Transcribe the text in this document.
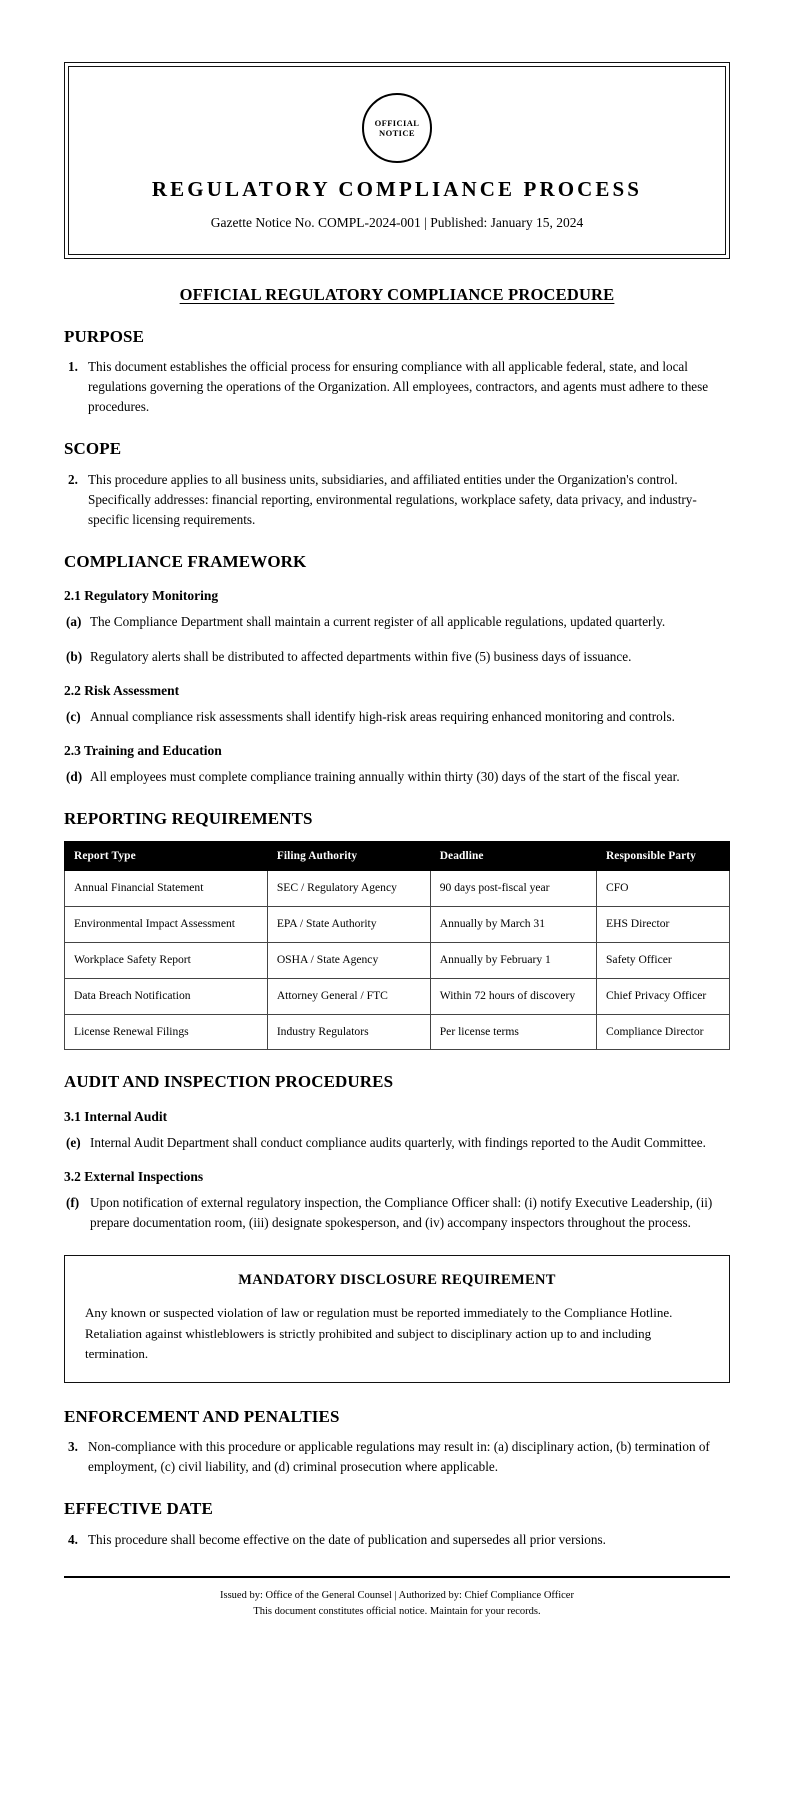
OFFICIAL
NOTICE
REGULATORY COMPLIANCE PROCESS
Gazette Notice No. COMPL-2024-001 | Published: January 15, 2024
OFFICIAL REGULATORY COMPLIANCE PROCEDURE
PURPOSE
1. This document establishes the official process for ensuring compliance with all applicable federal, state, and local regulations governing the operations of the Organization. All employees, contractors, and agents must adhere to these procedures.
SCOPE
2. This procedure applies to all business units, subsidiaries, and affiliated entities under the Organization's control. Specifically addresses: financial reporting, environmental regulations, workplace safety, data privacy, and industry-specific licensing requirements.
COMPLIANCE FRAMEWORK
2.1 Regulatory Monitoring
(a) The Compliance Department shall maintain a current register of all applicable regulations, updated quarterly.
(b) Regulatory alerts shall be distributed to affected departments within five (5) business days of issuance.
2.2 Risk Assessment
(c) Annual compliance risk assessments shall identify high-risk areas requiring enhanced monitoring and controls.
2.3 Training and Education
(d) All employees must complete compliance training annually within thirty (30) days of the start of the fiscal year.
REPORTING REQUIREMENTS
Report Type	Filing Authority	Deadline	Responsible Party
Annual Financial Statement	SEC / Regulatory Agency	90 days post-fiscal year	CFO
Environmental Impact Assessment	EPA / State Authority	Annually by March 31	EHS Director
Workplace Safety Report	OSHA / State Agency	Annually by February 1	Safety Officer
Data Breach Notification	Attorney General / FTC	Within 72 hours of discovery	Chief Privacy Officer
License Renewal Filings	Industry Regulators	Per license terms	Compliance Director
AUDIT AND INSPECTION PROCEDURES
3.1 Internal Audit
(e) Internal Audit Department shall conduct compliance audits quarterly, with findings reported to the Audit Committee.
3.2 External Inspections
(f) Upon notification of external regulatory inspection, the Compliance Officer shall: (i) notify Executive Leadership, (ii) prepare documentation room, (iii) designate spokesperson, and (iv) accompany inspectors throughout the process.
MANDATORY DISCLOSURE REQUIREMENT
Any known or suspected violation of law or regulation must be reported immediately to the Compliance Hotline. Retaliation against whistleblowers is strictly prohibited and subject to disciplinary action up to and including termination.
ENFORCEMENT AND PENALTIES
3. Non-compliance with this procedure or applicable regulations may result in: (a) disciplinary action, (b) termination of employment, (c) civil liability, and (d) criminal prosecution where applicable.
EFFECTIVE DATE
4. This procedure shall become effective on the date of publication and supersedes all prior versions.
Issued by: Office of the General Counsel | Authorized by: Chief Compliance Officer
This document constitutes official notice. Maintain for your records.
